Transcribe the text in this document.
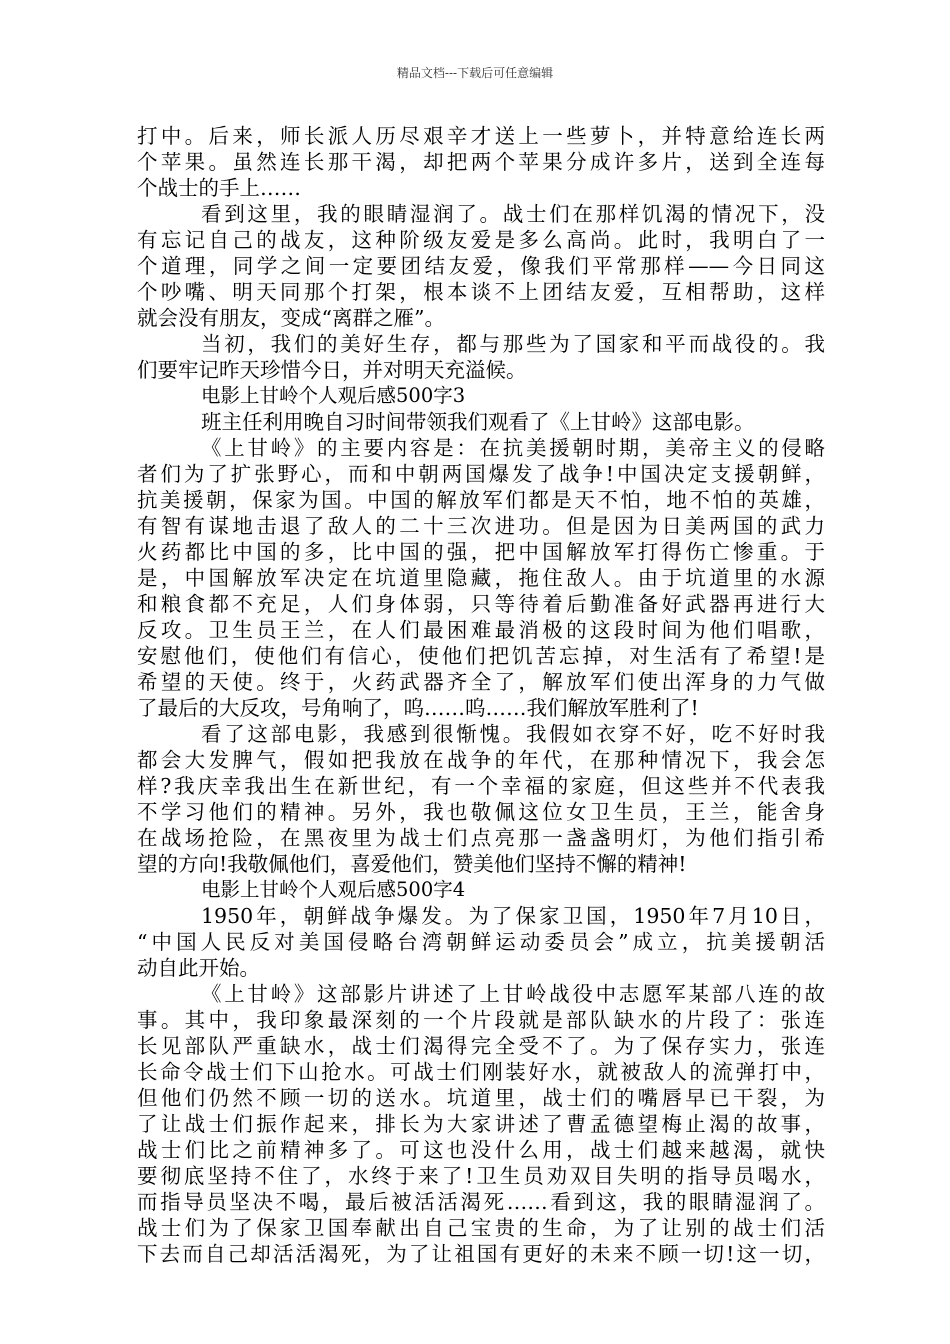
精品文档---下载后可任意编辑
打中。后来，师长派人历尽艰辛才送上一些萝卜，并特意给连长两
个苹果。虽然连长那干渴，却把两个苹果分成许多片，送到全连每
个战士的手上……
看到这里，我的眼睛湿润了。战士们在那样饥渴的情况下，没
有忘记自己的战友，这种阶级友爱是多么高尚。此时，我明白了一
个道理，同学之间一定要团结友爱，像我们平常那样——今日同这
个吵嘴、明天同那个打架，根本谈不上团结友爱，互相帮助，这样
就会没有朋友，变成“离群之雁”。
当初，我们的美好生存，都与那些为了国家和平而战役的。我
们要牢记昨天珍惜今日，并对明天充溢候。
电影上甘岭个人观后感500字3
班主任利用晚自习时间带领我们观看了《上甘岭》这部电影。
《上甘岭》的主要内容是：在抗美援朝时期，美帝主义的侵略
者们为了扩张野心，而和中朝两国爆发了战争!中国决定支援朝鲜，
抗美援朝，保家为国。中国的解放军们都是天不怕，地不怕的英雄，
有智有谋地击退了敌人的二十三次进功。但是因为日美两国的武力
火药都比中国的多，比中国的强，把中国解放军打得伤亡惨重。于
是，中国解放军决定在坑道里隐藏，拖住敌人。由于坑道里的水源
和粮食都不充足，人们身体弱，只等待着后勤准备好武器再进行大
反攻。卫生员王兰，在人们最困难最消极的这段时间为他们唱歌，
安慰他们，使他们有信心，使他们把饥苦忘掉，对生活有了希望!是
希望的天使。终于，火药武器齐全了，解放军们使出浑身的力气做
了最后的大反攻，号角响了，呜……呜……我们解放军胜利了!
看了这部电影，我感到很惭愧。我假如衣穿不好，吃不好时我
都会大发脾气，假如把我放在战争的年代，在那种情况下，我会怎
样?我庆幸我出生在新世纪，有一个幸福的家庭，但这些并不代表我
不学习他们的精神。另外，我也敬佩这位女卫生员，王兰，能舍身
在战场抢险，在黑夜里为战士们点亮那一盏盏明灯，为他们指引希
望的方向!我敬佩他们，喜爱他们，赞美他们坚持不懈的精神!
电影上甘岭个人观后感500字4
1950年，朝鲜战争爆发。为了保家卫国，1950年7月10日，
“中国人民反对美国侵略台湾朝鲜运动委员会”成立，抗美援朝活
动自此开始。
《上甘岭》这部影片讲述了上甘岭战役中志愿军某部八连的故
事。其中，我印象最深刻的一个片段就是部队缺水的片段了：张连
长见部队严重缺水，战士们渴得完全受不了。为了保存实力，张连
长命令战士们下山抢水。可战士们刚装好水，就被敌人的流弹打中，
但他们仍然不顾一切的送水。坑道里，战士们的嘴唇早已干裂，为
了让战士们振作起来，排长为大家讲述了曹孟德望梅止渴的故事，
战士们比之前精神多了。可这也没什么用，战士们越来越渴，就快
要彻底坚持不住了，水终于来了!卫生员劝双目失明的指导员喝水，
而指导员坚决不喝，最后被活活渴死……看到这，我的眼睛湿润了。
战士们为了保家卫国奉献出自己宝贵的生命，为了让别的战士们活
下去而自己却活活渴死，为了让祖国有更好的未来不顾一切!这一切，
